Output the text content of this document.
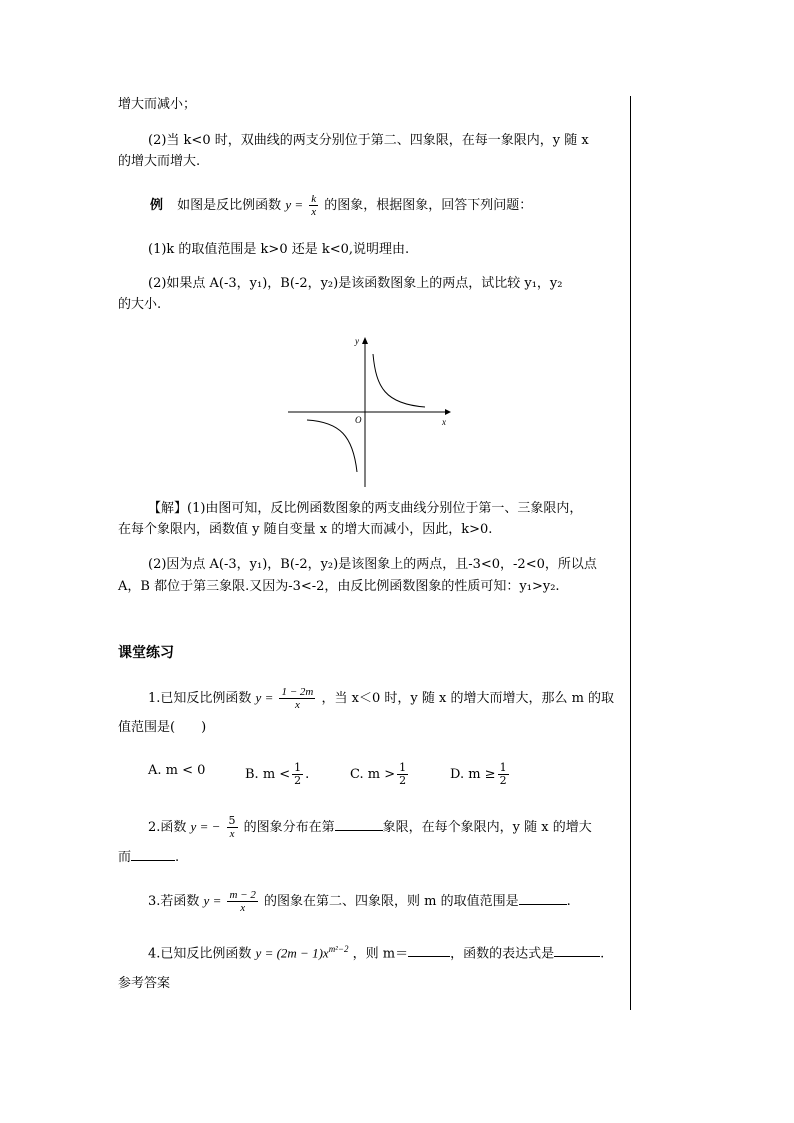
增大而减小；
(2)当 k<0 时，双曲线的两支分别位于第二、四象限，在每一象限内，y 随 x
的增大而增大.
例 如图是反比例函数 $y = \frac{k}{x}$ 的图象，根据图象，回答下列问题：
(1)k 的取值范围是 k>0 还是 k<0,说明理由.
(2)如果点 A(-3，y₁)，B(-2，y₂)是该函数图象上的两点，试比较 y₁，y₂
的大小.
y
x
O
【解】(1)由图可知，反比例函数图象的两支曲线分别位于第一、三象限内，
在每个象限内，函数值 y 随自变量 x 的增大而减小，因此，k>0.
(2)因为点 A(-3，y₁)，B(-2，y₂)是该图象上的两点，且-3<0，-2<0，所以点
A，B 都位于第三象限.又因为-3<-2，由反比例函数图象的性质可知：y₁>y₂.
课堂练习
1.已知反比例函数 $y = \frac{1 - 2m}{x}$ ，当 x＜0 时，y 随 x 的增大而增大，那么 m 的取
值范围是(　　)
A. m < 0	B. $m < \frac{1}{2}$ .	C. $m > \frac{1}{2}$	D. $m \ge \frac{1}{2}$
2.函数 y = − $\frac{5}{x}$ 的图象分布在第	象限，在每个象限内，y 随 x 的增大
而	.
3.若函数 $y = \frac{m - 2}{x}$ 的图象在第二、四象限，则 m 的取值范围是	.
4.已知反比例函数 $y = (2m - 1)x^{m^2-2}$ ，则 m＝	，函数的表达式是	.
参考答案
